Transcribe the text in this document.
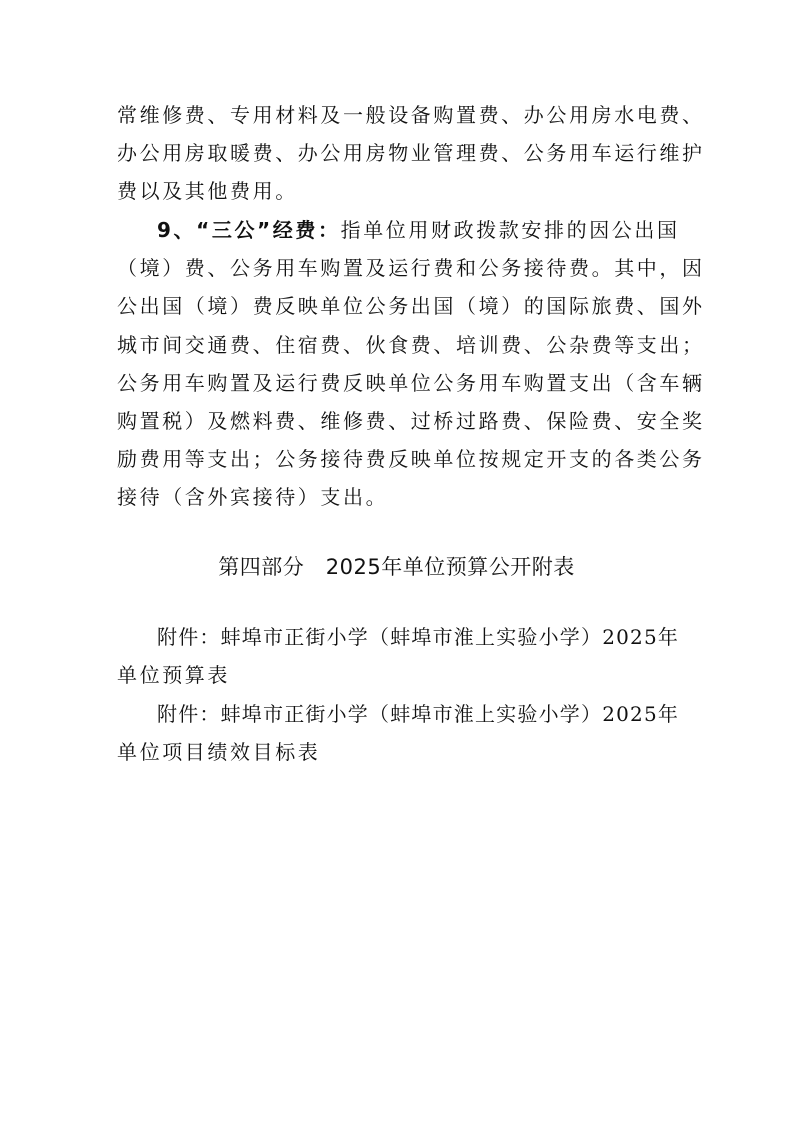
常维修费、专用材料及一般设备购置费、办公用房水电费、
办公用房取暖费、办公用房物业管理费、公务用车运行维护
费以及其他费用。
9、“三公”经费：指单位用财政拨款安排的因公出国
（境）费、公务用车购置及运行费和公务接待费。其中，因
公出国（境）费反映单位公务出国（境）的国际旅费、国外
城市间交通费、住宿费、伙食费、培训费、公杂费等支出；
公务用车购置及运行费反映单位公务用车购置支出（含车辆
购置税）及燃料费、维修费、过桥过路费、保险费、安全奖
励费用等支出；公务接待费反映单位按规定开支的各类公务
接待（含外宾接待）支出。
第四部分   2025年单位预算公开附表
附件：蚌埠市正街小学（蚌埠市淮上实验小学）2025年
单位预算表
附件：蚌埠市正街小学（蚌埠市淮上实验小学）2025年
单位项目绩效目标表
